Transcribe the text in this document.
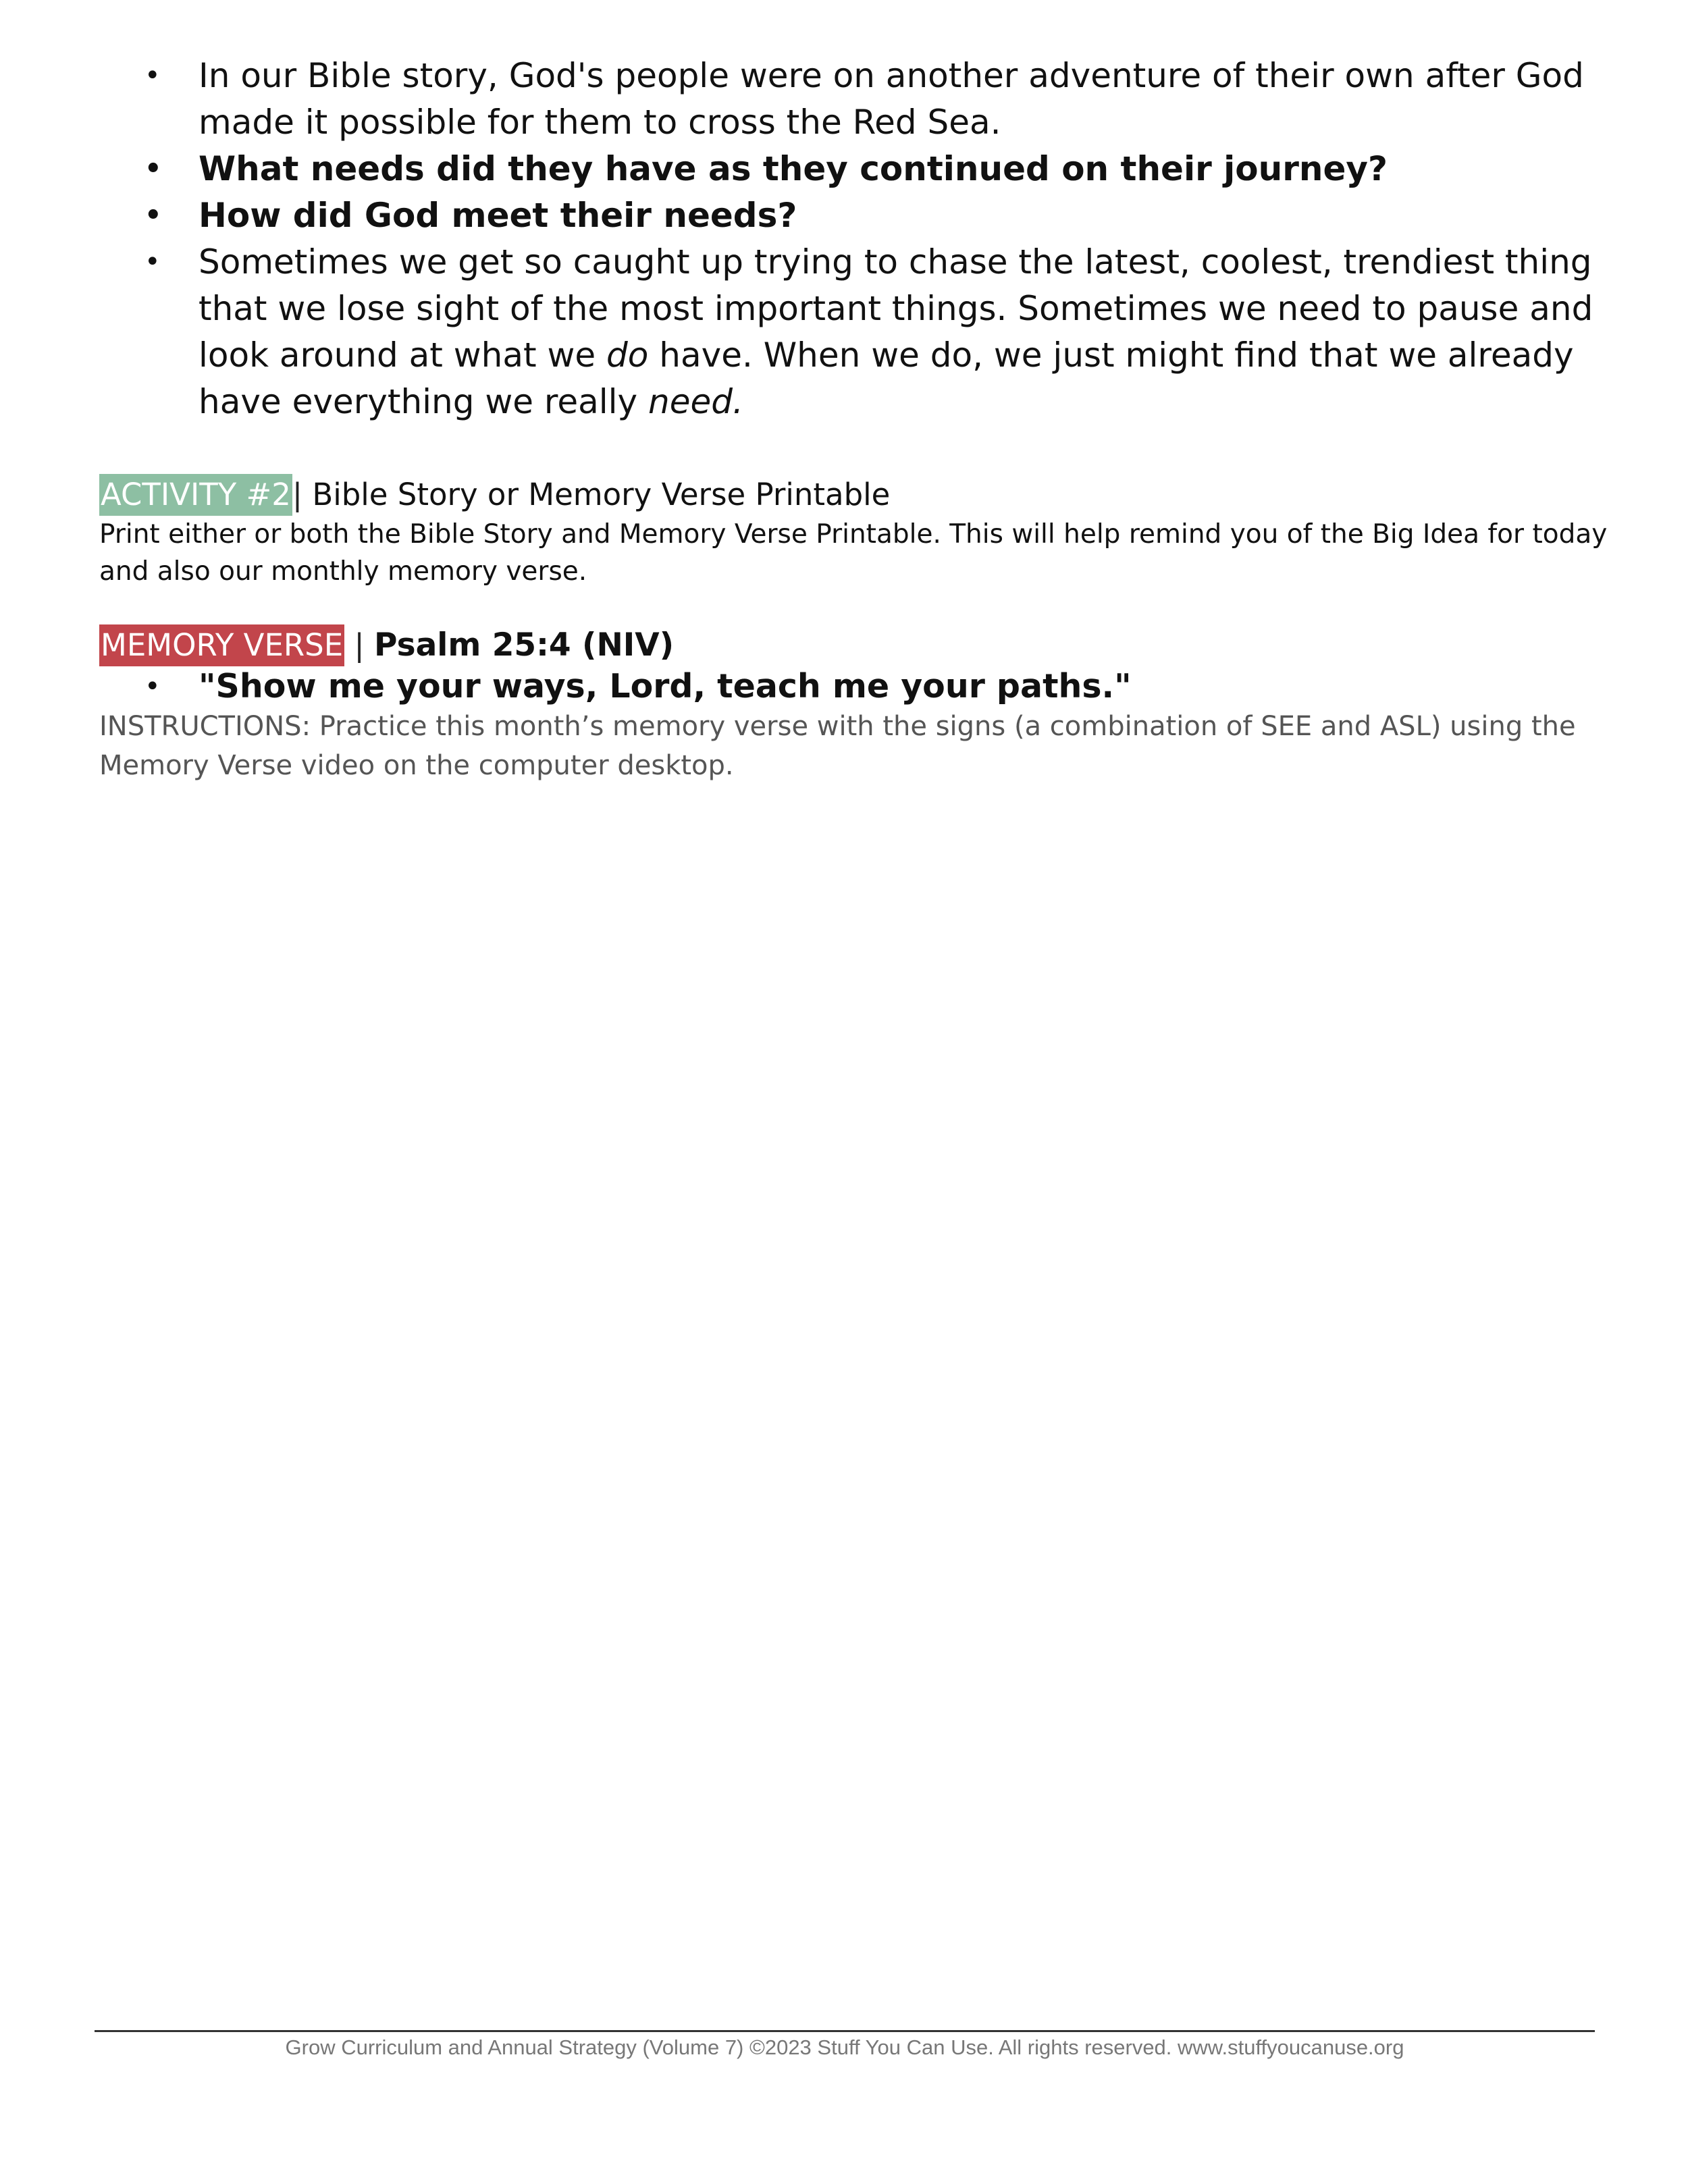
• In our Bible story, God's people were on another adventure of their own after God made it possible for them to cross the Red Sea.
• What needs did they have as they continued on their journey?
• How did God meet their needs?
• Sometimes we get so caught up trying to chase the latest, coolest, trendiest thing that we lose sight of the most important things. Sometimes we need to pause and look around at what we do have. When we do, we just might find that we already have everything we really need.
ACTIVITY #2| Bible Story or Memory Verse Printable
Print either or both the Bible Story and Memory Verse Printable. This will help remind you of the Big Idea for today and also our monthly memory verse.
MEMORY VERSE | Psalm 25:4 (NIV)
• "Show me your ways, Lord, teach me your paths."
INSTRUCTIONS: Practice this month’s memory verse with the signs (a combination of SEE and ASL) using the Memory Verse video on the computer desktop.
Grow Curriculum and Annual Strategy (Volume 7) ©2023 Stuff You Can Use. All rights reserved. www.stuffyoucanuse.org
